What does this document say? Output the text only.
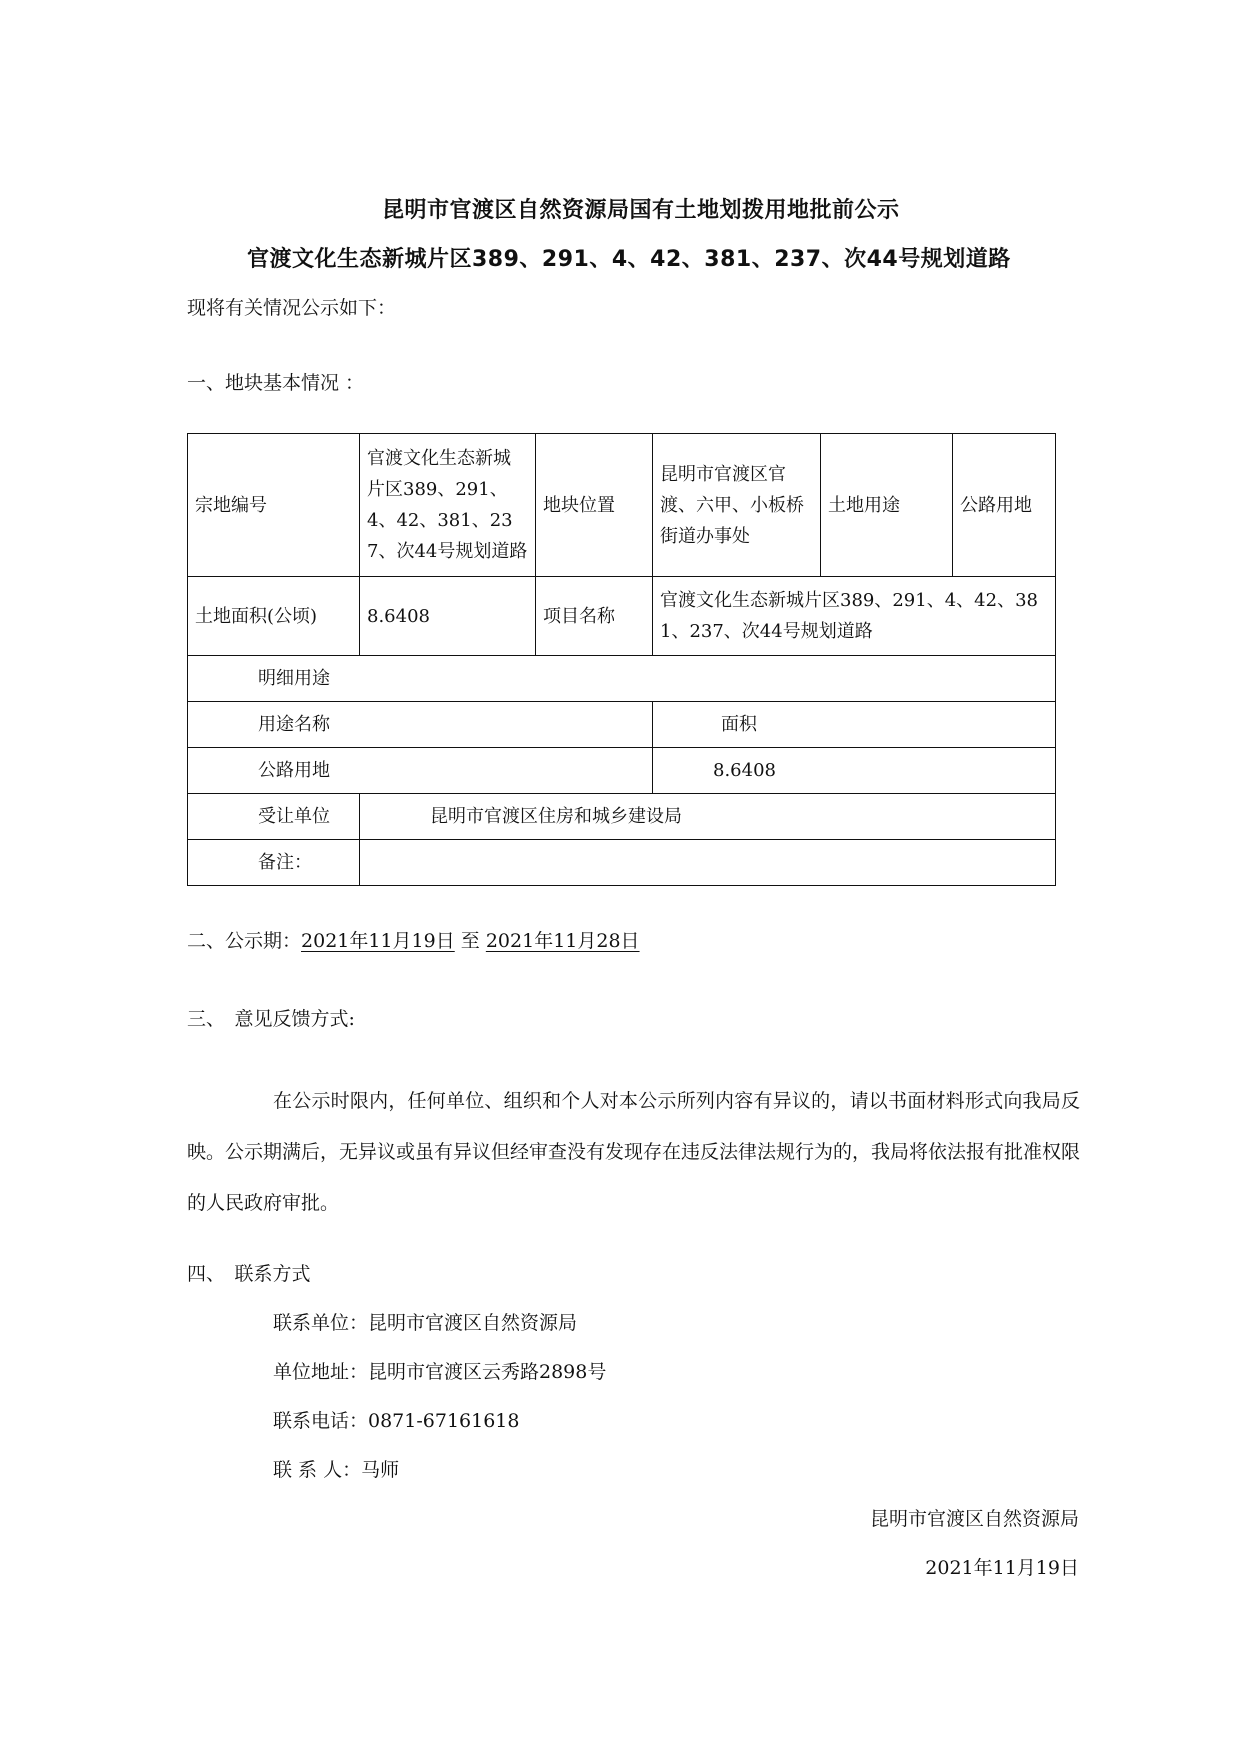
昆明市官渡区自然资源局国有土地划拨用地批前公示
官渡文化生态新城片区389、291、4、42、381、237、次44号规划道路
现将有关情况公示如下：
一、地块基本情况 ：
宗地编号	官渡文化生态新城片区389、291、4、42、381、237、次44号规划道路	地块位置	昆明市官渡区官渡、六甲、小板桥街道办事处	土地用途	公路用地
土地面积(公顷)	8.6408	项目名称	官渡文化生态新城片区389、291、4、42、381、237、次44号规划道路		
明细用途					
用途名称			面积		
公路用地			8.6408		
受让单位	昆明市官渡区住房和城乡建设局				
备注：					
二、公示期：2021年11月19日 至 2021年11月28日
三、　意见反馈方式:

在公示时限内，任何单位、组织和个人对本公示所列内容有异议的，请以书面材料形式向我局反映。公示期满后，无异议或虽有异议但经审查没有发现存在违反法律法规行为的，我局将依法报有批准权限的人民政府审批。

四、　联系方式
联系单位：昆明市官渡区自然资源局
单位地址：昆明市官渡区云秀路2898号
联系电话：0871-67161618
联 系 人：马师
昆明市官渡区自然资源局
2021年11月19日
